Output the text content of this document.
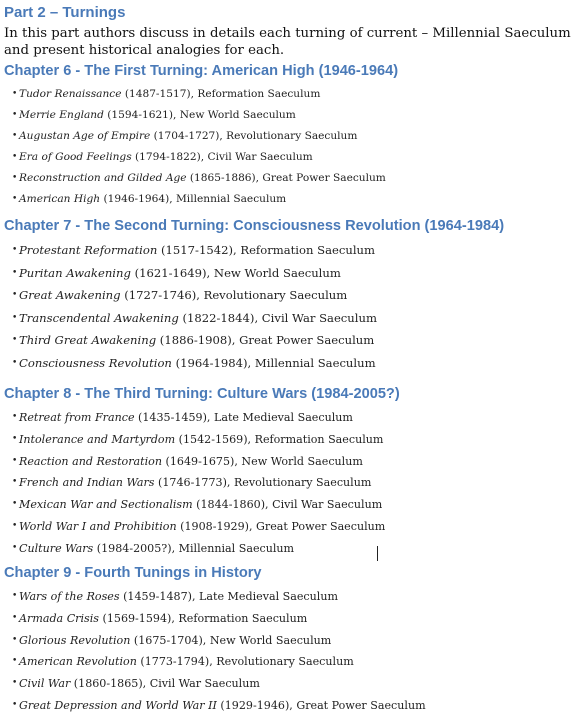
Part 2 – Turnings
In this part authors discuss in details each turning of current – Millennial Saeculum and present historical analogies for each.
Chapter 6 - The First Turning: American High (1946-1964)
• Tudor Renaissance (1487-1517), Reformation Saeculum
• Merrie England (1594-1621), New World Saeculum
• Augustan Age of Empire (1704-1727), Revolutionary Saeculum
• Era of Good Feelings (1794-1822), Civil War Saeculum
• Reconstruction and Gilded Age (1865-1886), Great Power Saeculum
• American High (1946-1964), Millennial Saeculum
Chapter 7 - The Second Turning: Consciousness Revolution (1964-1984)
• Protestant Reformation (1517-1542), Reformation Saeculum
• Puritan Awakening (1621-1649), New World Saeculum
• Great Awakening (1727-1746), Revolutionary Saeculum
• Transcendental Awakening (1822-1844), Civil War Saeculum
• Third Great Awakening (1886-1908), Great Power Saeculum
• Consciousness Revolution (1964-1984), Millennial Saeculum
Chapter 8 - The Third Turning: Culture Wars (1984-2005?)
• Retreat from France (1435-1459), Late Medieval Saeculum
• Intolerance and Martyrdom (1542-1569), Reformation Saeculum
• Reaction and Restoration (1649-1675), New World Saeculum
• French and Indian Wars (1746-1773), Revolutionary Saeculum
• Mexican War and Sectionalism (1844-1860), Civil War Saeculum
• World War I and Prohibition (1908-1929), Great Power Saeculum
• Culture Wars (1984-2005?), Millennial Saeculum
Chapter 9 - Fourth Tunings in History
• Wars of the Roses (1459-1487), Late Medieval Saeculum
• Armada Crisis (1569-1594), Reformation Saeculum
• Glorious Revolution (1675-1704), New World Saeculum
• American Revolution (1773-1794), Revolutionary Saeculum
• Civil War (1860-1865), Civil War Saeculum
• Great Depression and World War II (1929-1946), Great Power Saeculum
